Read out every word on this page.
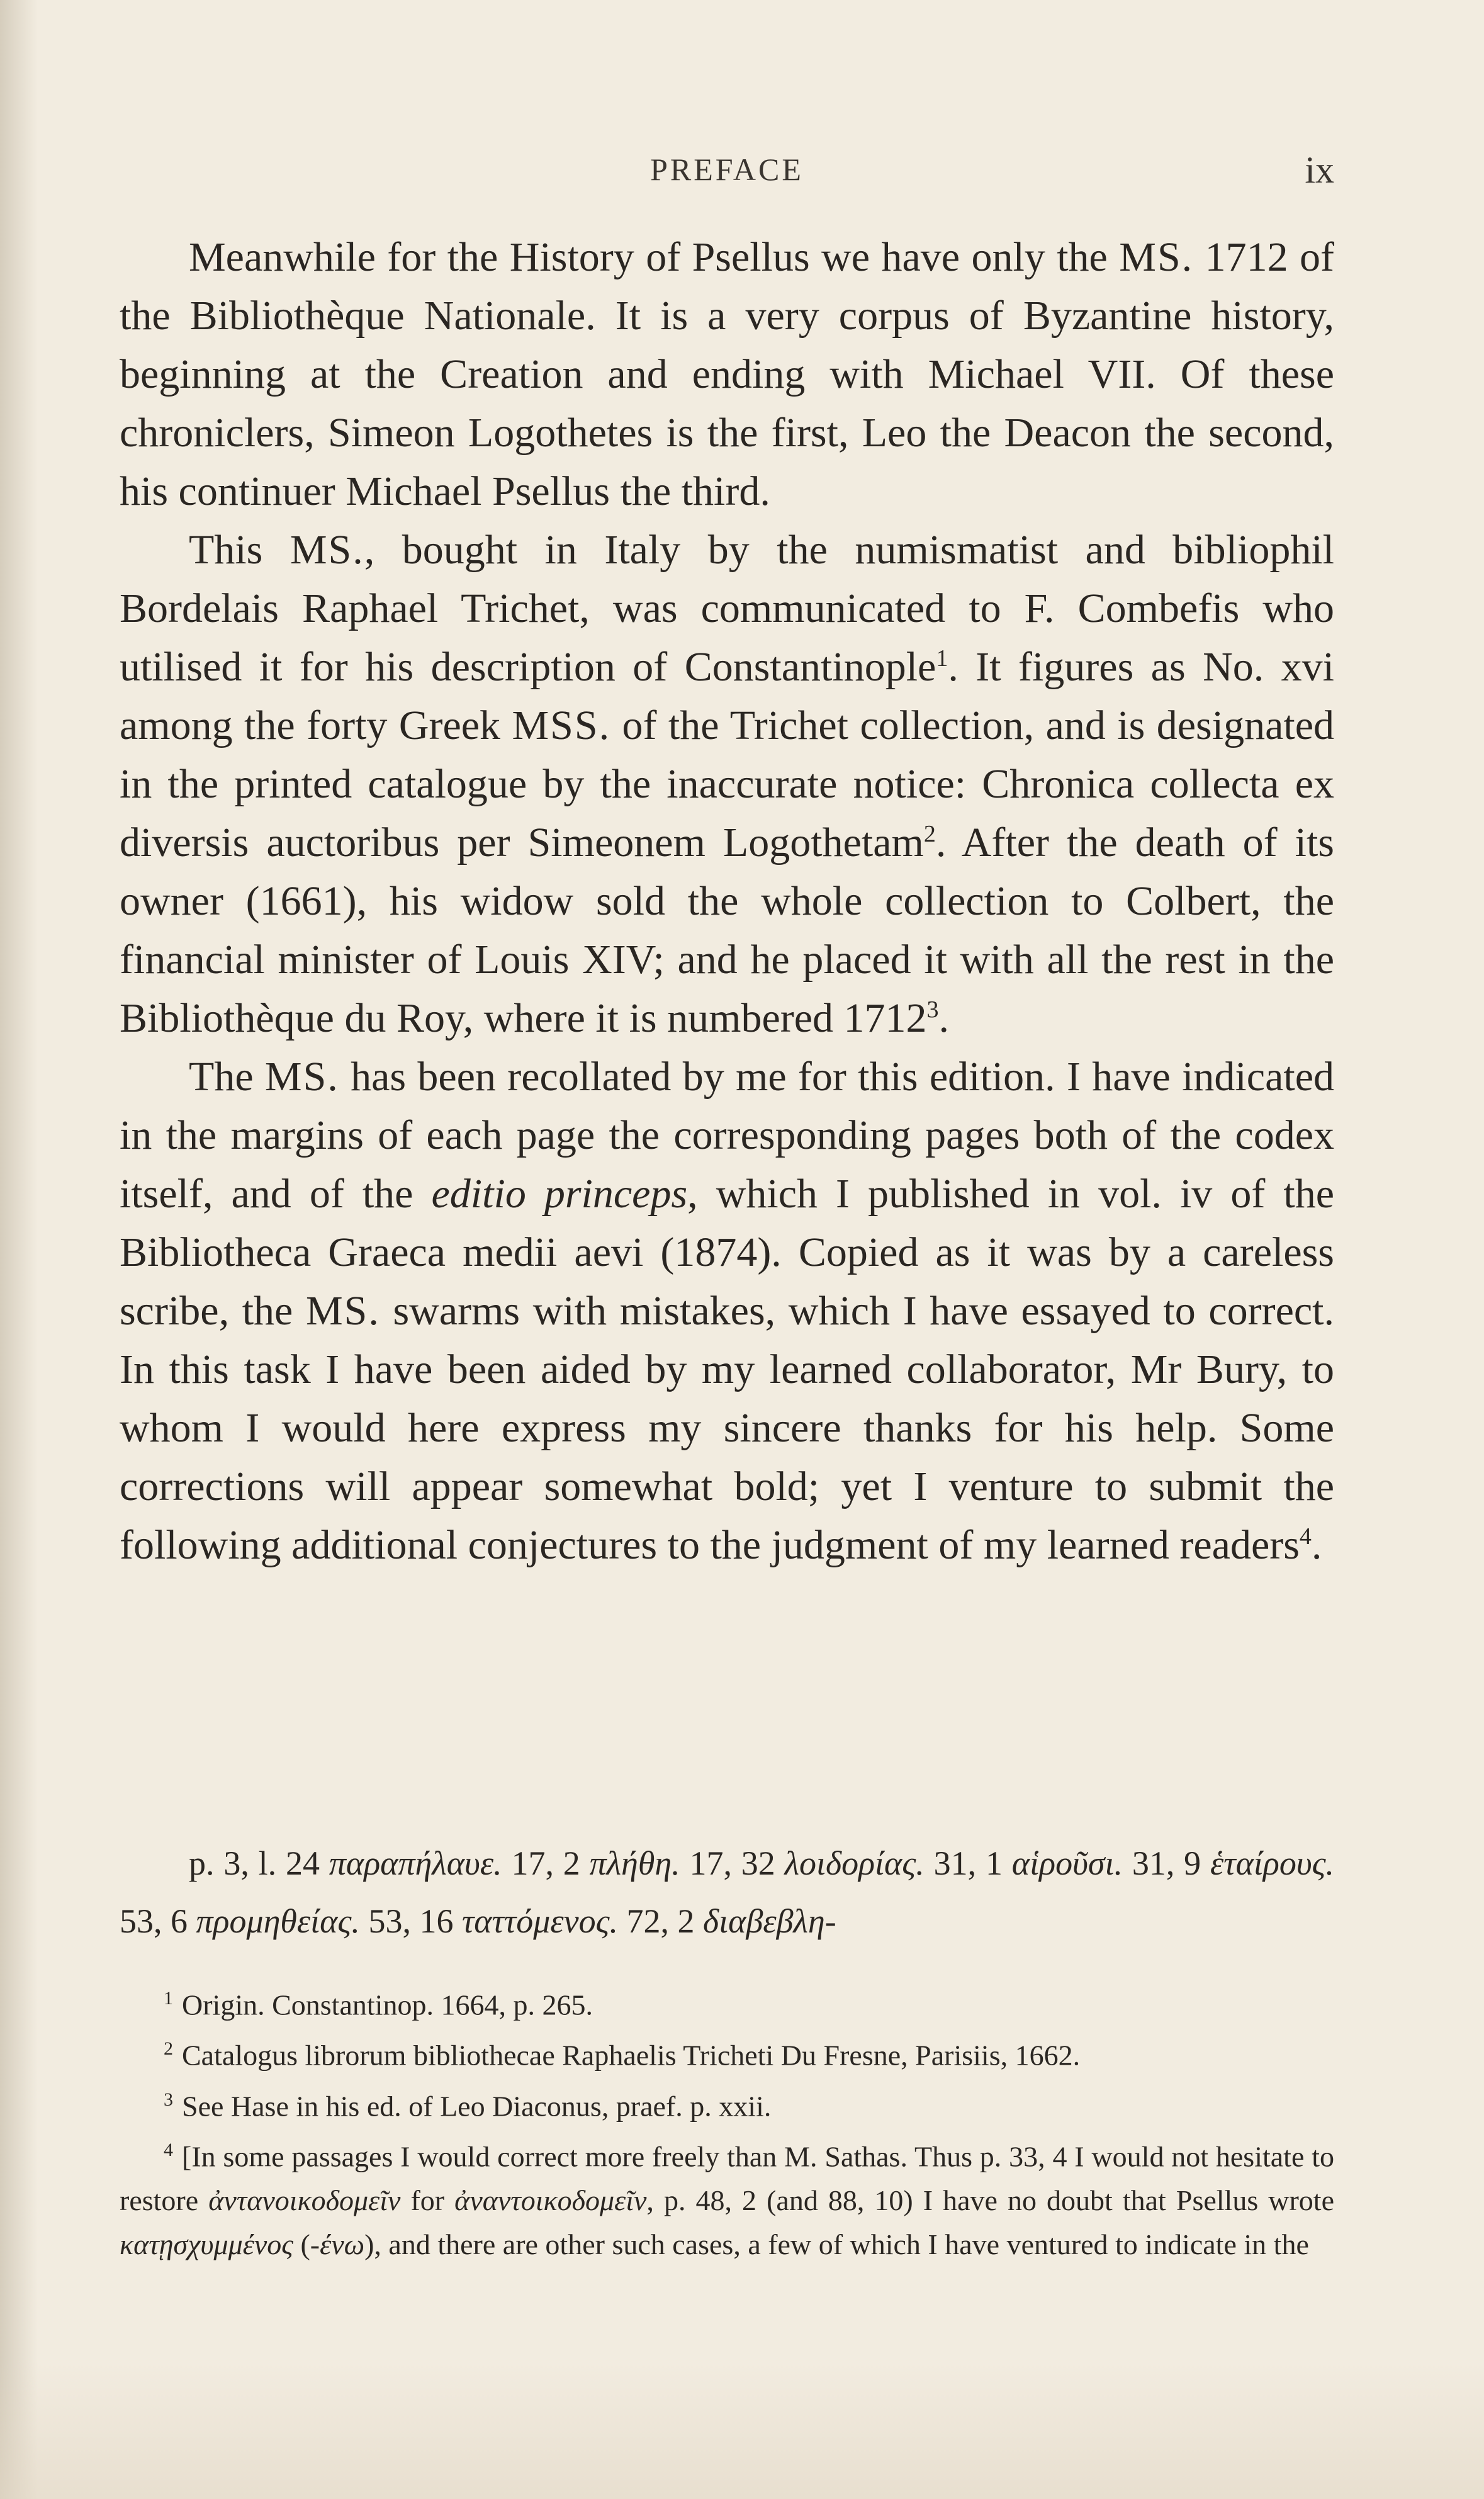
PREFACE	ix

Meanwhile for the History of Psellus we have only the MS. 1712 of the Bibliothèque Nationale. It is a very corpus of Byzantine history, beginning at the Creation and ending with Michael VII. Of these chroniclers, Simeon Logothetes is the first, Leo the Deacon the second, his continuer Michael Psellus the third.

This MS., bought in Italy by the numismatist and bibliophil Bordelais Raphael Trichet, was communicated to F. Combefis who utilised it for his description of Constantinople$^1$. It figures as No. xvi among the forty Greek MSS. of the Trichet collection, and is designated in the printed catalogue by the inaccurate notice: Chronica collecta ex diversis auctoribus per Simeonem Logothetam$^2$. After the death of its owner (1661), his widow sold the whole collection to Colbert, the financial minister of Louis XIV; and he placed it with all the rest in the Bibliothèque du Roy, where it is numbered 1712$^3$.

The MS. has been recollated by me for this edition. I have indicated in the margins of each page the corresponding pages both of the codex itself, and of the editio princeps, which I published in vol. iv of the Bibliotheca Graeca medii aevi (1874). Copied as it was by a careless scribe, the MS. swarms with mistakes, which I have essayed to correct. In this task I have been aided by my learned collaborator, Mr Bury, to whom I would here express my sincere thanks for his help. Some corrections will appear somewhat bold; yet I venture to submit the following additional conjectures to the judgment of my learned readers$^4$.

p. 3, l. 24 παραπήλαυε. 17, 2 πλήθη. 17, 32 λοιδορίας. 31, 1 αἱροῦσι. 31, 9 ἑταίρους. 53, 6 προμηθείας. 53, 16 ταττόμενος. 72, 2 διαβεβλη-

$^1$ Origin. Constantinop. 1664, p. 265.

$^2$ Catalogus librorum bibliothecae Raphaelis Tricheti Du Fresne, Parisiis, 1662.

$^3$ See Hase in his ed. of Leo Diaconus, praef. p. xxii.

$^4$ [In some passages I would correct more freely than M. Sathas. Thus p. 33, 4 I would not hesitate to restore ἀνταvοικοδομεῖν for ἀναντοικοδομεῖν, p. 48, 2 (and 88, 10) I have no doubt that Psellus wrote κατῃσχυμμένος (-ένω), and there are other such cases, a few of which I have ventured to indicate in the
